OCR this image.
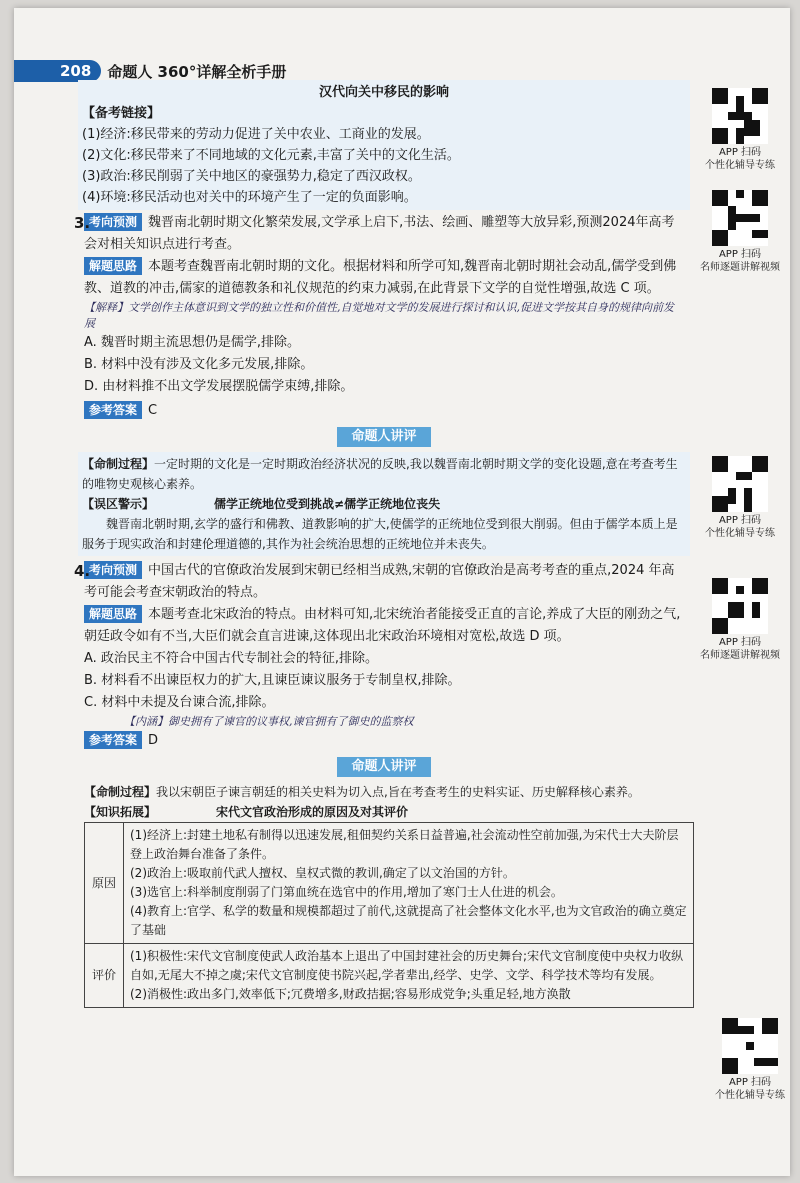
208	命题人 360°详解全析手册
APP 扫码
个性化辅导专练
APP 扫码
名师逐题讲解视频
APP 扫码
个性化辅导专练
APP 扫码
名师逐题讲解视频
APP 扫码
个性化辅导专练

汉代向关中移民的影响

【备考链接】

(1)经济:移民带来的劳动力促进了关中农业、工商业的发展。

(2)文化:移民带来了不同地域的文化元素,丰富了关中的文化生活。

(3)政治:移民削弱了关中地区的豪强势力,稳定了西汉政权。

(4)环境:移民活动也对关中的环境产生了一定的负面影响。

3.

考向预测 魏晋南北朝时期文化繁荣发展,文学承上启下,书法、绘画、雕塑等大放异彩,预测2024年高考会对相关知识点进行考查。

解题思路 本题考查魏晋南北朝时期的文化。根据材料和所学可知,魏晋南北朝时期社会动乱,儒学受到佛教、道教的冲击,儒家的道德教条和礼仪规范的约束力减弱,在此背景下文学的自觉性增强,故选 C 项。

【解释】文学创作主体意识到文学的独立性和价值性,自觉地对文学的发展进行探讨和认识,促进文学按其自身的规律向前发展

A. 魏晋时期主流思想仍是儒学,排除。

B. 材料中没有涉及文化多元发展,排除。

D. 由材料推不出文学发展摆脱儒学束缚,排除。

参考答案 C

命题人讲评

【命制过程】一定时期的文化是一定时期政治经济状况的反映,我以魏晋南北朝时期文学的变化设题,意在考查考生的唯物史观核心素养。

【误区警示】	儒学正统地位受到挑战≠儒学正统地位丧失

魏晋南北朝时期,玄学的盛行和佛教、道教影响的扩大,使儒学的正统地位受到很大削弱。但由于儒学本质上是服务于现实政治和封建伦理道德的,其作为社会统治思想的正统地位并未丧失。

4.

考向预测 中国古代的官僚政治发展到宋朝已经相当成熟,宋朝的官僚政治是高考考查的重点,2024 年高考可能会考查宋朝政治的特点。

解题思路 本题考查北宋政治的特点。由材料可知,北宋统治者能接受正直的言论,养成了大臣的刚劲之气,朝廷政令如有不当,大臣们就会直言进谏,这体现出北宋政治环境相对宽松,故选 D 项。

A. 政治民主不符合中国古代专制社会的特征,排除。

B. 材料看不出谏臣权力的扩大,且谏臣谏议服务于专制皇权,排除。

C. 材料中未提及台谏合流,排除。

【内涵】御史拥有了谏官的议事权,谏官拥有了御史的监察权

参考答案 D

命题人讲评

【命制过程】我以宋朝臣子谏言朝廷的相关史料为切入点,旨在考查考生的史料实证、历史解释核心素养。

【知识拓展】	宋代文官政治形成的原因及对其评价

原因	(1)经济上:封建土地私有制得以迅速发展,租佃契约关系日益普遍,社会流动性空前加强,为宋代士大夫阶层登上政治舞台准备了条件。

(2)政治上:吸取前代武人擅权、皇权式微的教训,确定了以文治国的方针。

(3)选官上:科举制度削弱了门第血统在选官中的作用,增加了寒门士人仕进的机会。

(4)教育上:官学、私学的数量和规模都超过了前代,这就提高了社会整体文化水平,也为文官政治的确立奠定了基础

评价	(1)积极性:宋代文官制度使武人政治基本上退出了中国封建社会的历史舞台;宋代文官制度使中央权力收纵自如,无尾大不掉之虞;宋代文官制度使书院兴起,学者辈出,经学、史学、文学、科学技术等均有发展。

(2)消极性:政出多门,效率低下;冗费增多,财政拮据;容易形成党争;头重足轻,地方涣散
